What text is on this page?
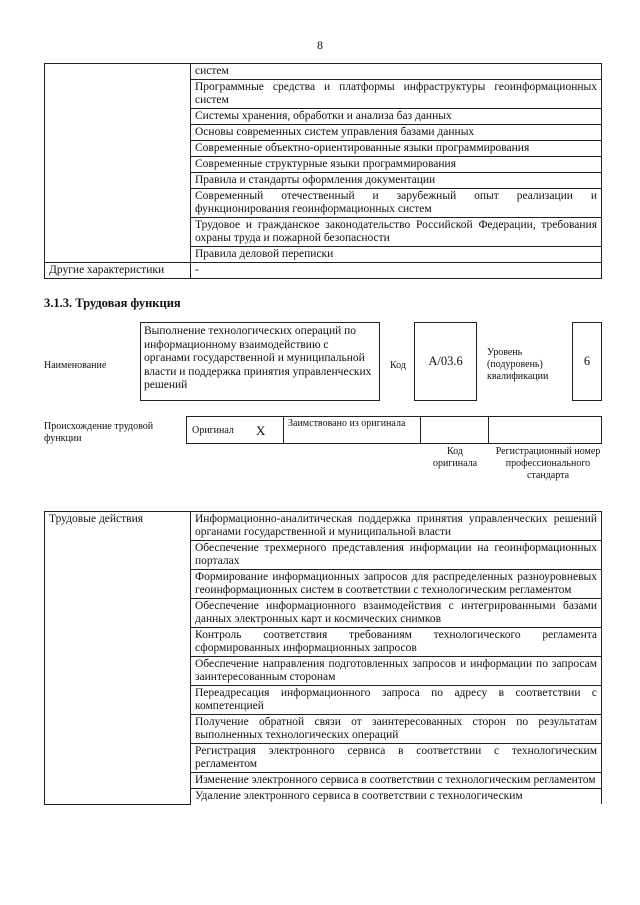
8
	систем
	Программные средства и платформы инфраструктуры геоинформационных систем
	Системы хранения, обработки и анализа баз данных
	Основы современных систем управления базами данных
	Современные объектно-ориентированные языки программирования
	Современные структурные языки программирования
	Правила и стандарты оформления документации
	Современный отечественный и зарубежный опыт реализации и функционирования геоинформационных систем
	Трудовое и гражданское законодательство Российской Федерации, требования охраны труда и пожарной безопасности
	Правила деловой переписки
Другие характеристики	-
3.1.3. Трудовая функция
Наименование
Выполнение технологических операций по информационному взаимодействию с органами государственной и муниципальной власти и поддержка принятия управленческих решений
Код А/03.6
Уровень (подуровень) квалификации
6
Происхождение трудовой функции
Оригинал Х Заимствовано из оригинала
Код оригинала
Регистрационный номер профессионального стандарта
Трудовые действия	Информационно-аналитическая поддержка принятия управленческих решений органами государственной и муниципальной власти
Обеспечение трехмерного представления информации на геоинформационных порталах
Формирование информационных запросов для распределенных разноуровневых геоинформационных систем в соответствии с технологическим регламентом
Обеспечение информационного взаимодействия с интегрированными базами данных электронных карт и космических снимков
Контроль соответствия требованиям технологического регламента сформированных информационных запросов
Обеспечение направления подготовленных запросов и информации по запросам заинтересованным сторонам
Переадресация информационного запроса по адресу в соответствии с компетенцией
Получение обратной связи от заинтересованных сторон по результатам выполненных технологических операций
Регистрация электронного сервиса в соответствии с технологическим регламентом
Изменение электронного сервиса в соответствии с технологическим регламентом
Удаление электронного сервиса в соответствии с технологическим
